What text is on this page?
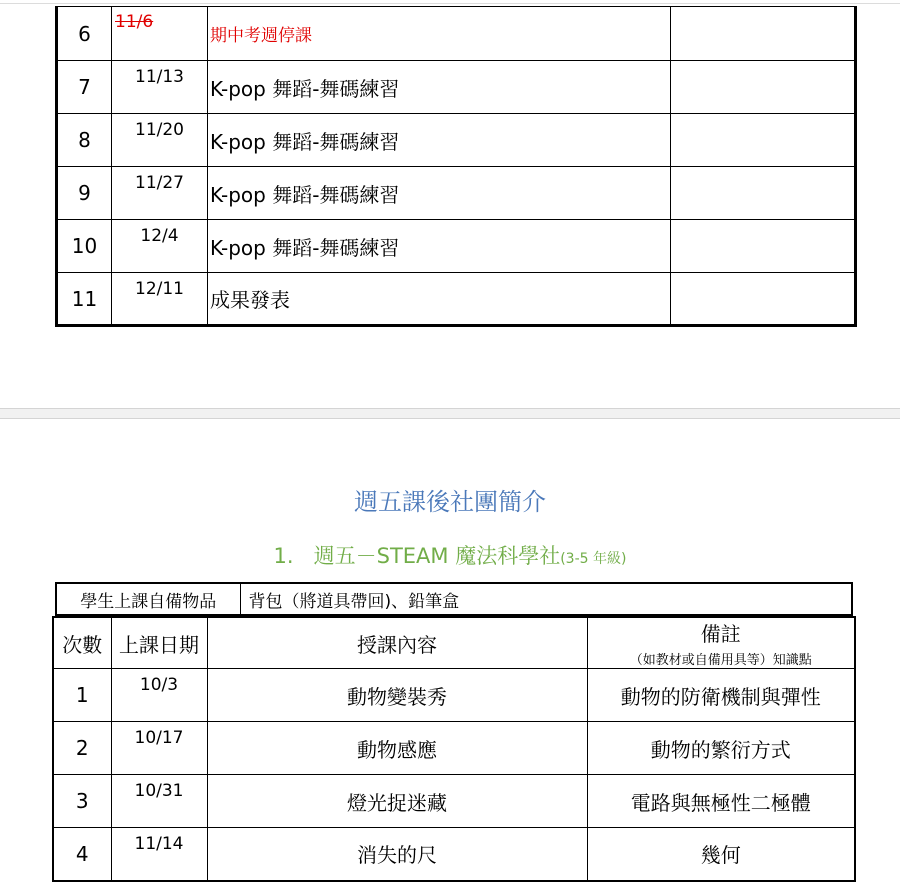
6	11/6	期中考週停課	
7	11/13	K-pop 舞蹈-舞碼練習	
8	11/20	K-pop 舞蹈-舞碼練習	
9	11/27	K-pop 舞蹈-舞碼練習	
10	12/4	K-pop 舞蹈-舞碼練習	
11	12/11	成果發表	
週五課後社團簡介
1. 週五－STEAM 魔法科學社(3-5 年級)
學生上課自備物品	背包（將道具帶回)、鉛筆盒
次數	上課日期	授課內容	備註
（如教材或自備用具等）知識點

1	10/3	動物變裝秀	動物的防衛機制與彈性
2	10/17	動物感應	動物的繁衍方式
3	10/31	燈光捉迷藏	電路與無極性二極體
4	11/14	消失的尺	幾何
